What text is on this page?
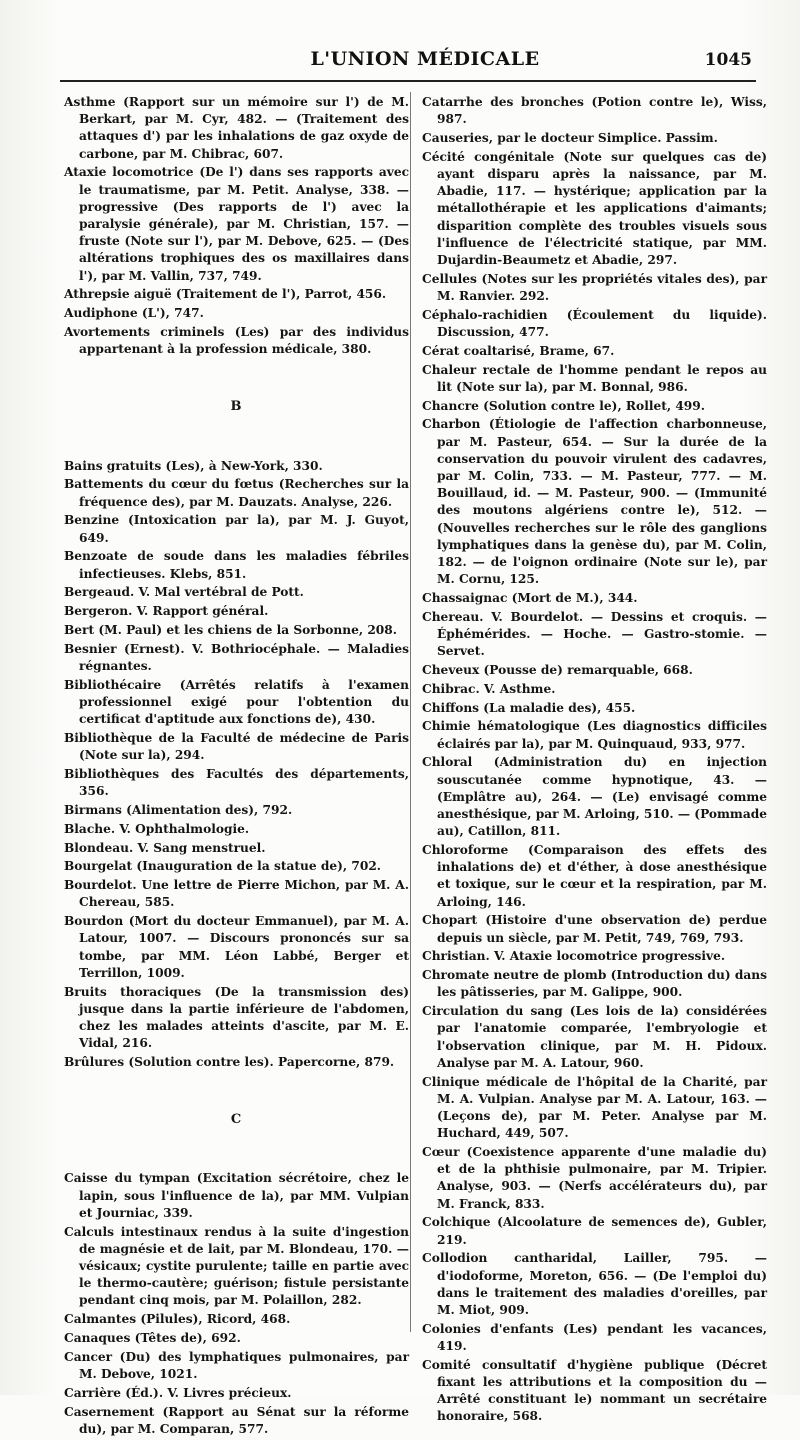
L'UNION MÉDICALE	1045
Asthme (Rapport sur un mémoire sur l') de M. Berkart, par M. Cyr, 482. — (Traitement des attaques d') par les inhalations de gaz oxyde de carbone, par M. Chibrac, 607.
Ataxie locomotrice (De l') dans ses rapports avec le traumatisme, par M. Petit. Analyse, 338. — progressive (Des rapports de l') avec la paralysie générale), par M. Christian, 157. — fruste (Note sur l'), par M. Debove, 625. — (Des altérations trophiques des os maxillaires dans l'), par M. Vallin, 737, 749.
Athrepsie aiguë (Traitement de l'), Parrot, 456.
Audiphone (L'), 747.
Avortements criminels (Les) par des individus appartenant à la profession médicale, 380.
B
Bains gratuits (Les), à New-York, 330.
Battements du cœur du fœtus (Recherches sur la fréquence des), par M. Dauzats. Analyse, 226.
Benzine (Intoxication par la), par M. J. Guyot, 649.
Benzoate de soude dans les maladies fébriles infectieuses. Klebs, 851.
Bergeaud. V. Mal vertébral de Pott.
Bergeron. V. Rapport général.
Bert (M. Paul) et les chiens de la Sorbonne, 208.
Besnier (Ernest). V. Bothriocéphale. — Maladies régnantes.
Bibliothécaire (Arrêtés relatifs à l'examen professionnel exigé pour l'obtention du certificat d'aptitude aux fonctions de), 430.
Bibliothèque de la Faculté de médecine de Paris (Note sur la), 294.
Bibliothèques des Facultés des départements, 356.
Birmans (Alimentation des), 792.
Blache. V. Ophthalmologie.
Blondeau. V. Sang menstruel.
Bourgelat (Inauguration de la statue de), 702.
Bourdelot. Une lettre de Pierre Michon, par M. A. Chereau, 585.
Bourdon (Mort du docteur Emmanuel), par M. A. Latour, 1007. — Discours prononcés sur sa tombe, par MM. Léon Labbé, Berger et Terrillon, 1009.
Bruits thoraciques (De la transmission des) jusque dans la partie inférieure de l'abdomen, chez les malades atteints d'ascite, par M. E. Vidal, 216.
Brûlures (Solution contre les). Papercorne, 879.
C
Caisse du tympan (Excitation sécrétoire, chez le lapin, sous l'influence de la), par MM. Vulpian et Journiac, 339.
Calculs intestinaux rendus à la suite d'ingestion de magnésie et de lait, par M. Blondeau, 170. — vésicaux; cystite purulente; taille en partie avec le thermo-cautère; guérison; fistule persistante pendant cinq mois, par M. Polaillon, 282.
Calmantes (Pilules), Ricord, 468.
Canaques (Têtes de), 692.
Cancer (Du) des lymphatiques pulmonaires, par M. Debove, 1021.
Carrière (Éd.). V. Livres précieux.
Casernement (Rapport au Sénat sur la réforme du), par M. Comparan, 577.
Catarrhe des bronches (Potion contre le), Wiss, 987.
Causeries, par le docteur Simplice. Passim.
Cécité congénitale (Note sur quelques cas de) ayant disparu après la naissance, par M. Abadie, 117. — hystérique; application par la métallothérapie et les applications d'aimants; disparition complète des troubles visuels sous l'influence de l'électricité statique, par MM. Dujardin-Beaumetz et Abadie, 297.
Cellules (Notes sur les propriétés vitales des), par M. Ranvier. 292.
Céphalo-rachidien (Écoulement du liquide). Discussion, 477.
Cérat coaltarisé, Brame, 67.
Chaleur rectale de l'homme pendant le repos au lit (Note sur la), par M. Bonnal, 986.
Chancre (Solution contre le), Rollet, 499.
Charbon (Étiologie de l'affection charbonneuse, par M. Pasteur, 654. — Sur la durée de la conservation du pouvoir virulent des cadavres, par M. Colin, 733. — M. Pasteur, 777. — M. Bouillaud, id. — M. Pasteur, 900. — (Immunité des moutons algériens contre le), 512. — (Nouvelles recherches sur le rôle des ganglions lymphatiques dans la genèse du), par M. Colin, 182. — de l'oignon ordinaire (Note sur le), par M. Cornu, 125.
Chassaignac (Mort de M.), 344.
Chereau. V. Bourdelot. — Dessins et croquis. — Éphémérides. — Hoche. — Gastro-stomie. — Servet.
Cheveux (Pousse de) remarquable, 668.
Chibrac. V. Asthme.
Chiffons (La maladie des), 455.
Chimie hématologique (Les diagnostics difficiles éclairés par la), par M. Quinquaud, 933, 977.
Chloral (Administration du) en injection souscutanée comme hypnotique, 43. — (Emplâtre au), 264. — (Le) envisagé comme anesthésique, par M. Arloing, 510. — (Pommade au), Catillon, 811.
Chloroforme (Comparaison des effets des inhalations de) et d'éther, à dose anesthésique et toxique, sur le cœur et la respiration, par M. Arloing, 146.
Chopart (Histoire d'une observation de) perdue depuis un siècle, par M. Petit, 749, 769, 793.
Christian. V. Ataxie locomotrice progressive.
Chromate neutre de plomb (Introduction du) dans les pâtisseries, par M. Galippe, 900.
Circulation du sang (Les lois de la) considérées par l'anatomie comparée, l'embryologie et l'observation clinique, par M. H. Pidoux. Analyse par M. A. Latour, 960.
Clinique médicale de l'hôpital de la Charité, par M. A. Vulpian. Analyse par M. A. Latour, 163. — (Leçons de), par M. Peter. Analyse par M. Huchard, 449, 507.
Cœur (Coexistence apparente d'une maladie du) et de la phthisie pulmonaire, par M. Tripier. Analyse, 903. — (Nerfs accélérateurs du), par M. Franck, 833.
Colchique (Alcoolature de semences de), Gubler, 219.
Collodion cantharidal, Lailler, 795. — d'iodoforme, Moreton, 656. — (De l'emploi du) dans le traitement des maladies d'oreilles, par M. Miot, 909.
Colonies d'enfants (Les) pendant les vacances, 419.
Comité consultatif d'hygiène publique (Décret fixant les attributions et la composition du — Arrêté constituant le) nommant un secrétaire honoraire, 568.
